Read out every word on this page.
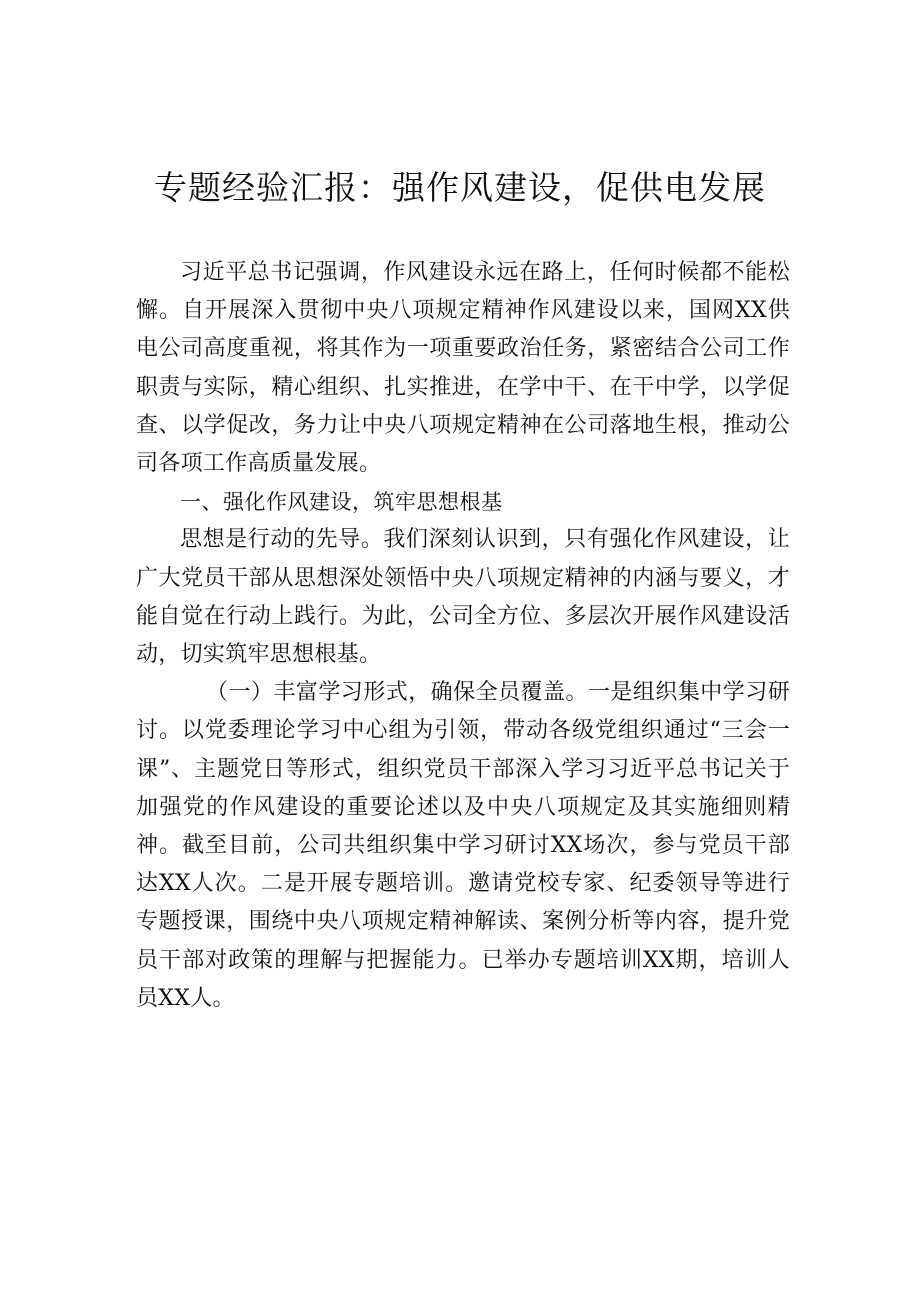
专题经验汇报：强作风建设，促供电发展

习近平总书记强调，作风建设永远在路上，任何时候都不能松懈。自开展深入贯彻中央八项规定精神作风建设以来，国网XX供电公司高度重视，将其作为一项重要政治任务，紧密结合公司工作职责与实际，精心组织、扎实推进，在学中干、在干中学，以学促查、以学促改，务力让中央八项规定精神在公司落地生根，推动公司各项工作高质量发展。

一、强化作风建设，筑牢思想根基

思想是行动的先导。我们深刻认识到，只有强化作风建设，让广大党员干部从思想深处领悟中央八项规定精神的内涵与要义，才能自觉在行动上践行。为此，公司全方位、多层次开展作风建设活动，切实筑牢思想根基。

（一）丰富学习形式，确保全员覆盖。一是组织集中学习研讨。以党委理论学习中心组为引领，带动各级党组织通过“三会一课”、主题党日等形式，组织党员干部深入学习习近平总书记关于加强党的作风建设的重要论述以及中央八项规定及其实施细则精神。截至目前，公司共组织集中学习研讨XX场次，参与党员干部达XX人次。二是开展专题培训。邀请党校专家、纪委领导等进行专题授课，围绕中央八项规定精神解读、案例分析等内容，提升党员干部对政策的理解与把握能力。已举办专题培训XX期，培训人员XX人。
